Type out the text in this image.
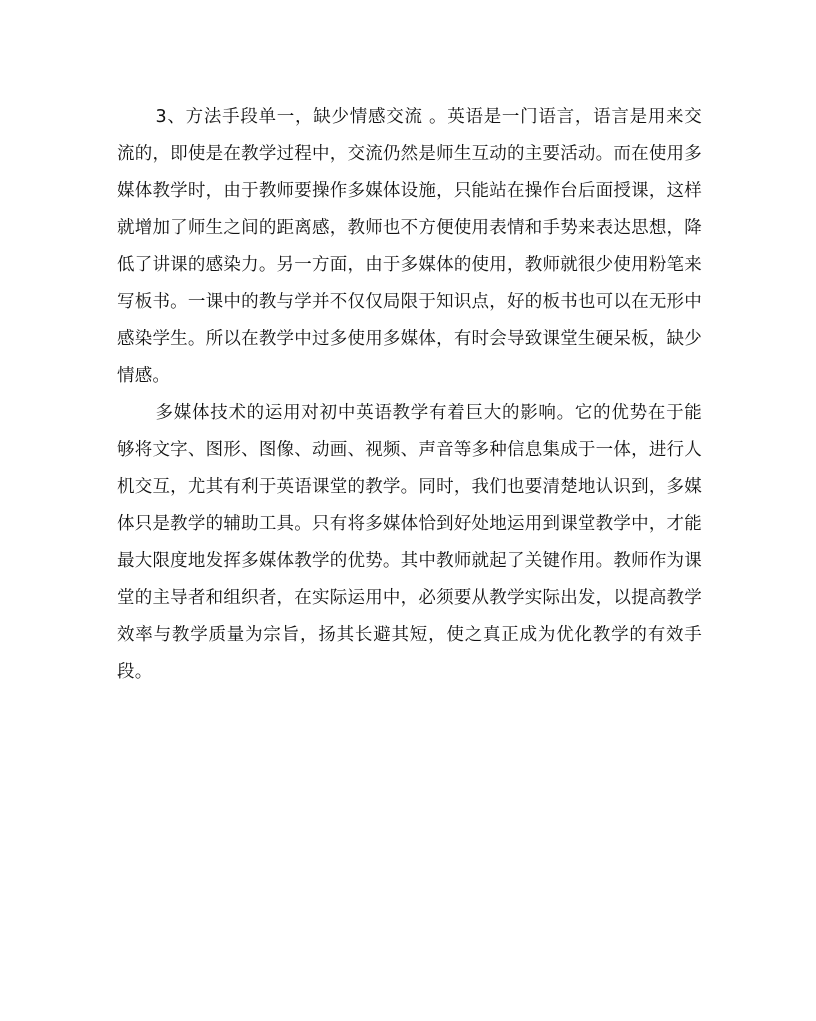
3、方法手段单一，缺少情感交流 。英语是一门语言，语言是用来交流的，即使是在教学过程中，交流仍然是师生互动的主要活动。而在使用多媒体教学时，由于教师要操作多媒体设施，只能站在操作台后面授课，这样就增加了师生之间的距离感，教师也不方便使用表情和手势来表达思想，降低了讲课的感染力。另一方面，由于多媒体的使用，教师就很少使用粉笔来写板书。一课中的教与学并不仅仅局限于知识点，好的板书也可以在无形中感染学生。所以在教学中过多使用多媒体，有时会导致课堂生硬呆板，缺少情感。

多媒体技术的运用对初中英语教学有着巨大的影响。它的优势在于能够将文字、图形、图像、动画、视频、声音等多种信息集成于一体，进行人机交互，尤其有利于英语课堂的教学。同时，我们也要清楚地认识到，多媒体只是教学的辅助工具。只有将多媒体恰到好处地运用到课堂教学中，才能最大限度地发挥多媒体教学的优势。其中教师就起了关键作用。教师作为课堂的主导者和组织者，在实际运用中，必须要从教学实际出发，以提高教学效率与教学质量为宗旨，扬其长避其短，使之真正成为优化教学的有效手段。
